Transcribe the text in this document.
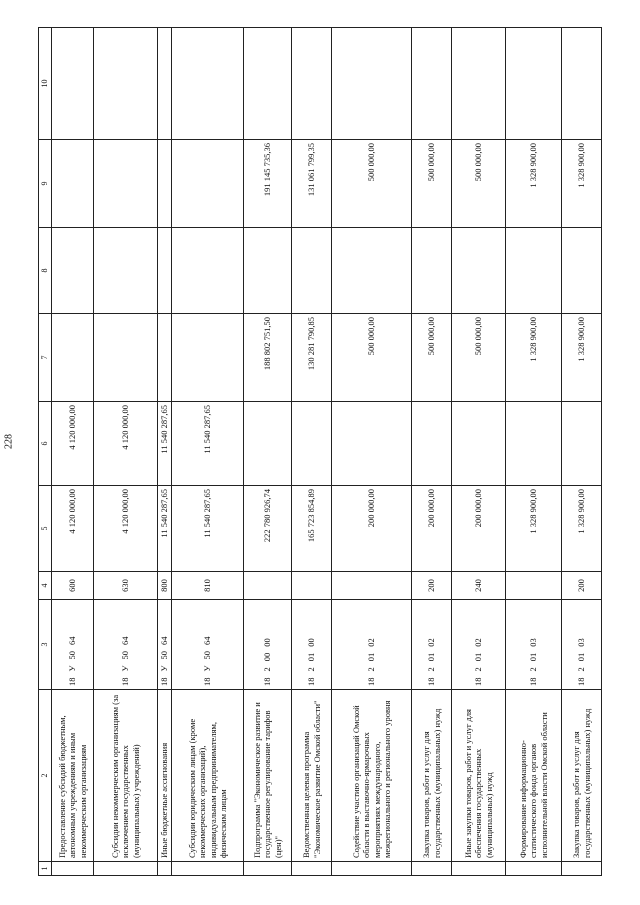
228
1	2	3	4	5	6	7	8	9	10
	Предоставление субсидий бюджетным, автономным учреждениям и иным некоммерческим организациям	18У5064	600	4 120 000,00	4 120 000,00				
	Субсидии некоммерческим организациям (за исключением государственных (муниципальных) учреждений)	18У5064	630	4 120 000,00	4 120 000,00				
	Иные бюджетные ассигнования	18У5064	800	11 540 287,65	11 540 287,65				
	Субсидии юридическим лицам (кроме некоммерческих организаций), индивидуальным предпринимателям, физическим лицам	18У5064	810	11 540 287,65	11 540 287,65				
	Подпрограмма "Экономическое развитие и государственное регулирование тарифов (цен)"	1820000		222 780 926,74		188 802 751,50		191 145 735,36	
	Ведомственная целевая программа "Экономическое развитие Омской области"	1820100		165 723 854,89		130 281 790,85		131 061 799,35	
	Содействие участию организаций Омской области в выставочно-ярмарочных мероприятиях международного, межрегионального и регионального уровня	1820102		200 000,00		500 000,00		500 000,00	
	Закупка товаров, работ и услуг для государственных (муниципальных) нужд	1820102	200	200 000,00		500 000,00		500 000,00	
	Иные закупки товаров, работ и услуг для обеспечения государственных (муниципальных) нужд	1820102	240	200 000,00		500 000,00		500 000,00	
	Формирование информационно-статистического фонда органов исполнительной власти Омской области	1820103		1 328 900,00		1 328 900,00		1 328 900,00	
	Закупка товаров, работ и услуг для государственных (муниципальных) нужд	1820103	200	1 328 900,00		1 328 900,00		1 328 900,00	
